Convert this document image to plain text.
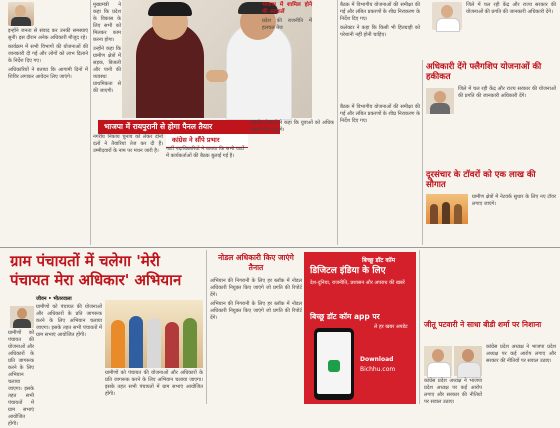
इन्होंने जनता से संवाद कर उनकी समस्याएं सुनीं। इस दौरान अनेक अधिकारी मौजूद रहे।

कार्यक्रम में सभी विभागों की योजनाओं की जानकारी दी गई और लोगों को लाभ दिलाने के निर्देश दिए गए।

अधिकारियों ने बताया कि आगामी दिनों में शिविर लगाकर आवेदन लिए जाएंगे।

मुख्यमंत्री ने कहा कि प्रदेश के विकास के लिए सभी को मिलकर काम करना होगा।

उन्होंने कहा कि ग्रामीण क्षेत्रों में सड़क, बिजली और पानी की व्यवस्था प्राथमिकता से की जाएगी।

भाजपा में शामिल होने की अटकलें

प्रदेश की राजनीति में हलचल तेज

बैठक में विभागीय योजनाओं की समीक्षा की गई और लंबित प्रकरणों के शीघ्र निराकरण के निर्देश दिए गए।

कलेक्टर ने कहा कि किसी भी हितग्राही को परेशानी नहीं होनी चाहिए।

जिले में चल रही केंद्र और राज्य सरकार की योजनाओं की प्रगति की जानकारी अधिकारी देंगे।

भाजपा में रायपुरानी से होगा पैनल तैयार
कांग्रेस ने सौंपे प्रभार

नगरीय निकाय चुनाव को लेकर दोनों दलों ने तैयारियां तेज कर दी हैं। उम्मीदवारों के नाम पर मंथन जारी है।	पार्टी पदाधिकारियों ने बताया कि सभी वार्डों में कार्यकर्ताओं की बैठक बुलाई गई है।

स्थानीय नेताओं ने कहा कि युवाओं को अधिक अवसर दिए जाएंगे।

बैठक में विभागीय योजनाओं की समीक्षा की गई और लंबित प्रकरणों के शीघ्र निराकरण के निर्देश दिए गए।

अधिकारी देंगे फ्लैगशिप योजनाओं की हकीकत

जिले में चल रही केंद्र और राज्य सरकार की योजनाओं की प्रगति की जानकारी अधिकारी देंगे।

दूरसंचार के टॉवरों को एक लाख की सौगात

ग्रामीण क्षेत्रों में नेटवर्क सुधार के लिए नए टॉवर लगाए जाएंगे।

ग्राम पंचायतों में चलेगा 'मेरी
पंचायत मेरा अधिकार' अभियान
जीवन • भीतरवाला

ग्रामीणों को पंचायत की योजनाओं और अधिकारों के प्रति जागरूक करने के लिए अभियान चलाया जाएगा। इसके तहत सभी पंचायतों में ग्राम सभाएं आयोजित होंगी।

ग्रामीणों को पंचायत की योजनाओं और अधिकारों के प्रति जागरूक करने के लिए अभियान चलाया जाएगा। इसके तहत सभी पंचायतों में ग्राम सभाएं आयोजित होंगी।

ग्रामीणों को पंचायत की योजनाओं और अधिकारों के प्रति जागरूक करने के लिए अभियान चलाया जाएगा। इसके तहत सभी पंचायतों में ग्राम सभाएं आयोजित होंगी।

नोडल अधिकारी किए जाएंगे तैनात

अभियान की निगरानी के लिए हर ब्लॉक में नोडल अधिकारी नियुक्त किए जाएंगे जो प्रगति की रिपोर्ट देंगे।

अभियान की निगरानी के लिए हर ब्लॉक में नोडल अधिकारी नियुक्त किए जाएंगे जो प्रगति की रिपोर्ट देंगे।

बिच्छू डॉट कॉम
डिजिटल इंडिया के लिए
देश-दुनिया, राजनीति, प्रशासन और अपराध की खबरें
बिच्छू डॉट कॉम app पर
ले हर खबर अपडेट
Download
Bichhu.com
जीतू पटवारी ने साधा बीडी शर्मा पर निशाना

कांग्रेस प्रदेश अध्यक्ष ने भाजपा प्रदेश अध्यक्ष पर कई आरोप लगाए और सरकार की नीतियों पर सवाल उठाए।

कांग्रेस प्रदेश अध्यक्ष ने भाजपा प्रदेश अध्यक्ष पर कई आरोप लगाए और सरकार की नीतियों पर सवाल उठाए।
